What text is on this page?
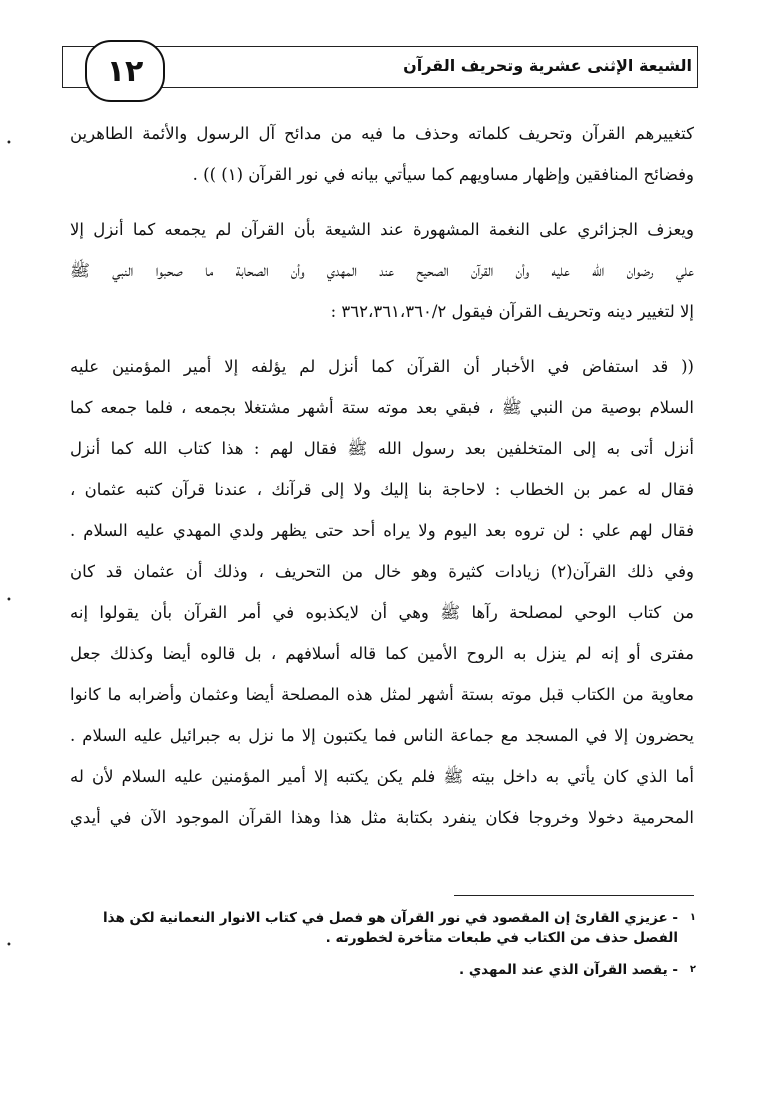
١٢	الشيعة الإثنى عشرية وتحريف القرآن
كتغييرهم القرآن وتحريف كلماته وحذف ما فيه من مدائح آل الرسول والأئمة الطاهرين
وفضائح المنافقين وإظهار مساويهم كما سيأتي بيانه في نور القرآن (١) )) .
ويعزف الجزائري على النغمة المشهورة عند الشيعة بأن القرآن لم يجمعه كما أنزل إلا
علي رضوان الله عليه وأن القرآن الصحيح عند المهدي وأن الصحابة ما صحبوا النبي ﷺ
إلا لتغيير دينه وتحريف القرآن فيقول ٣٦٢،٣٦١،٣٦٠/٢ :
(( قد استفاض في الأخبار أن القرآن كما أنزل لم يؤلفه إلا أمير المؤمنين عليه
السلام بوصية من النبي ﷺ ، فبقي بعد موته ستة أشهر مشتغلا بجمعه ، فلما جمعه كما
أنزل أتى به إلى المتخلفين بعد رسول الله ﷺ فقال لهم : هذا كتاب الله كما أنزل
فقال له عمر بن الخطاب : لاحاجة بنا إليك ولا إلى قرآنك ، عندنا قرآن كتبه عثمان ،
فقال لهم علي : لن تروه بعد اليوم ولا يراه أحد حتى يظهر ولدي المهدي عليه السلام .
وفي ذلك القرآن(٢) زيادات كثيرة وهو خال من التحريف ، وذلك أن عثمان قد كان
من كتاب الوحي لمصلحة رآها ﷺ وهي أن لايكذبوه في أمر القرآن بأن يقولوا إنه
مفترى أو إنه لم ينزل به الروح الأمين كما قاله أسلافهم ، بل قالوه أيضا وكذلك جعل
معاوية من الكتاب قبل موته بستة أشهر لمثل هذه المصلحة أيضا وعثمان وأضرابه ما كانوا
يحضرون إلا في المسجد مع جماعة الناس فما يكتبون إلا ما نزل به جبرائيل عليه السلام .
أما الذي كان يأتي به داخل بيته ﷺ فلم يكن يكتبه إلا أمير المؤمنين عليه السلام لأن له
المحرمية دخولا وخروجا فكان ينفرد بكتابة مثل هذا وهذا القرآن الموجود الآن في أيدي
١- عزيزي القارئ إن المقصود في نور القرآن هو فصل في كتاب الانوار النعمانية لكن هذا
الفصل حذف من الكتاب في طبعات متأخرة لخطورته .
٢- يقصد القرآن الذي عند المهدي .
•
•
•
